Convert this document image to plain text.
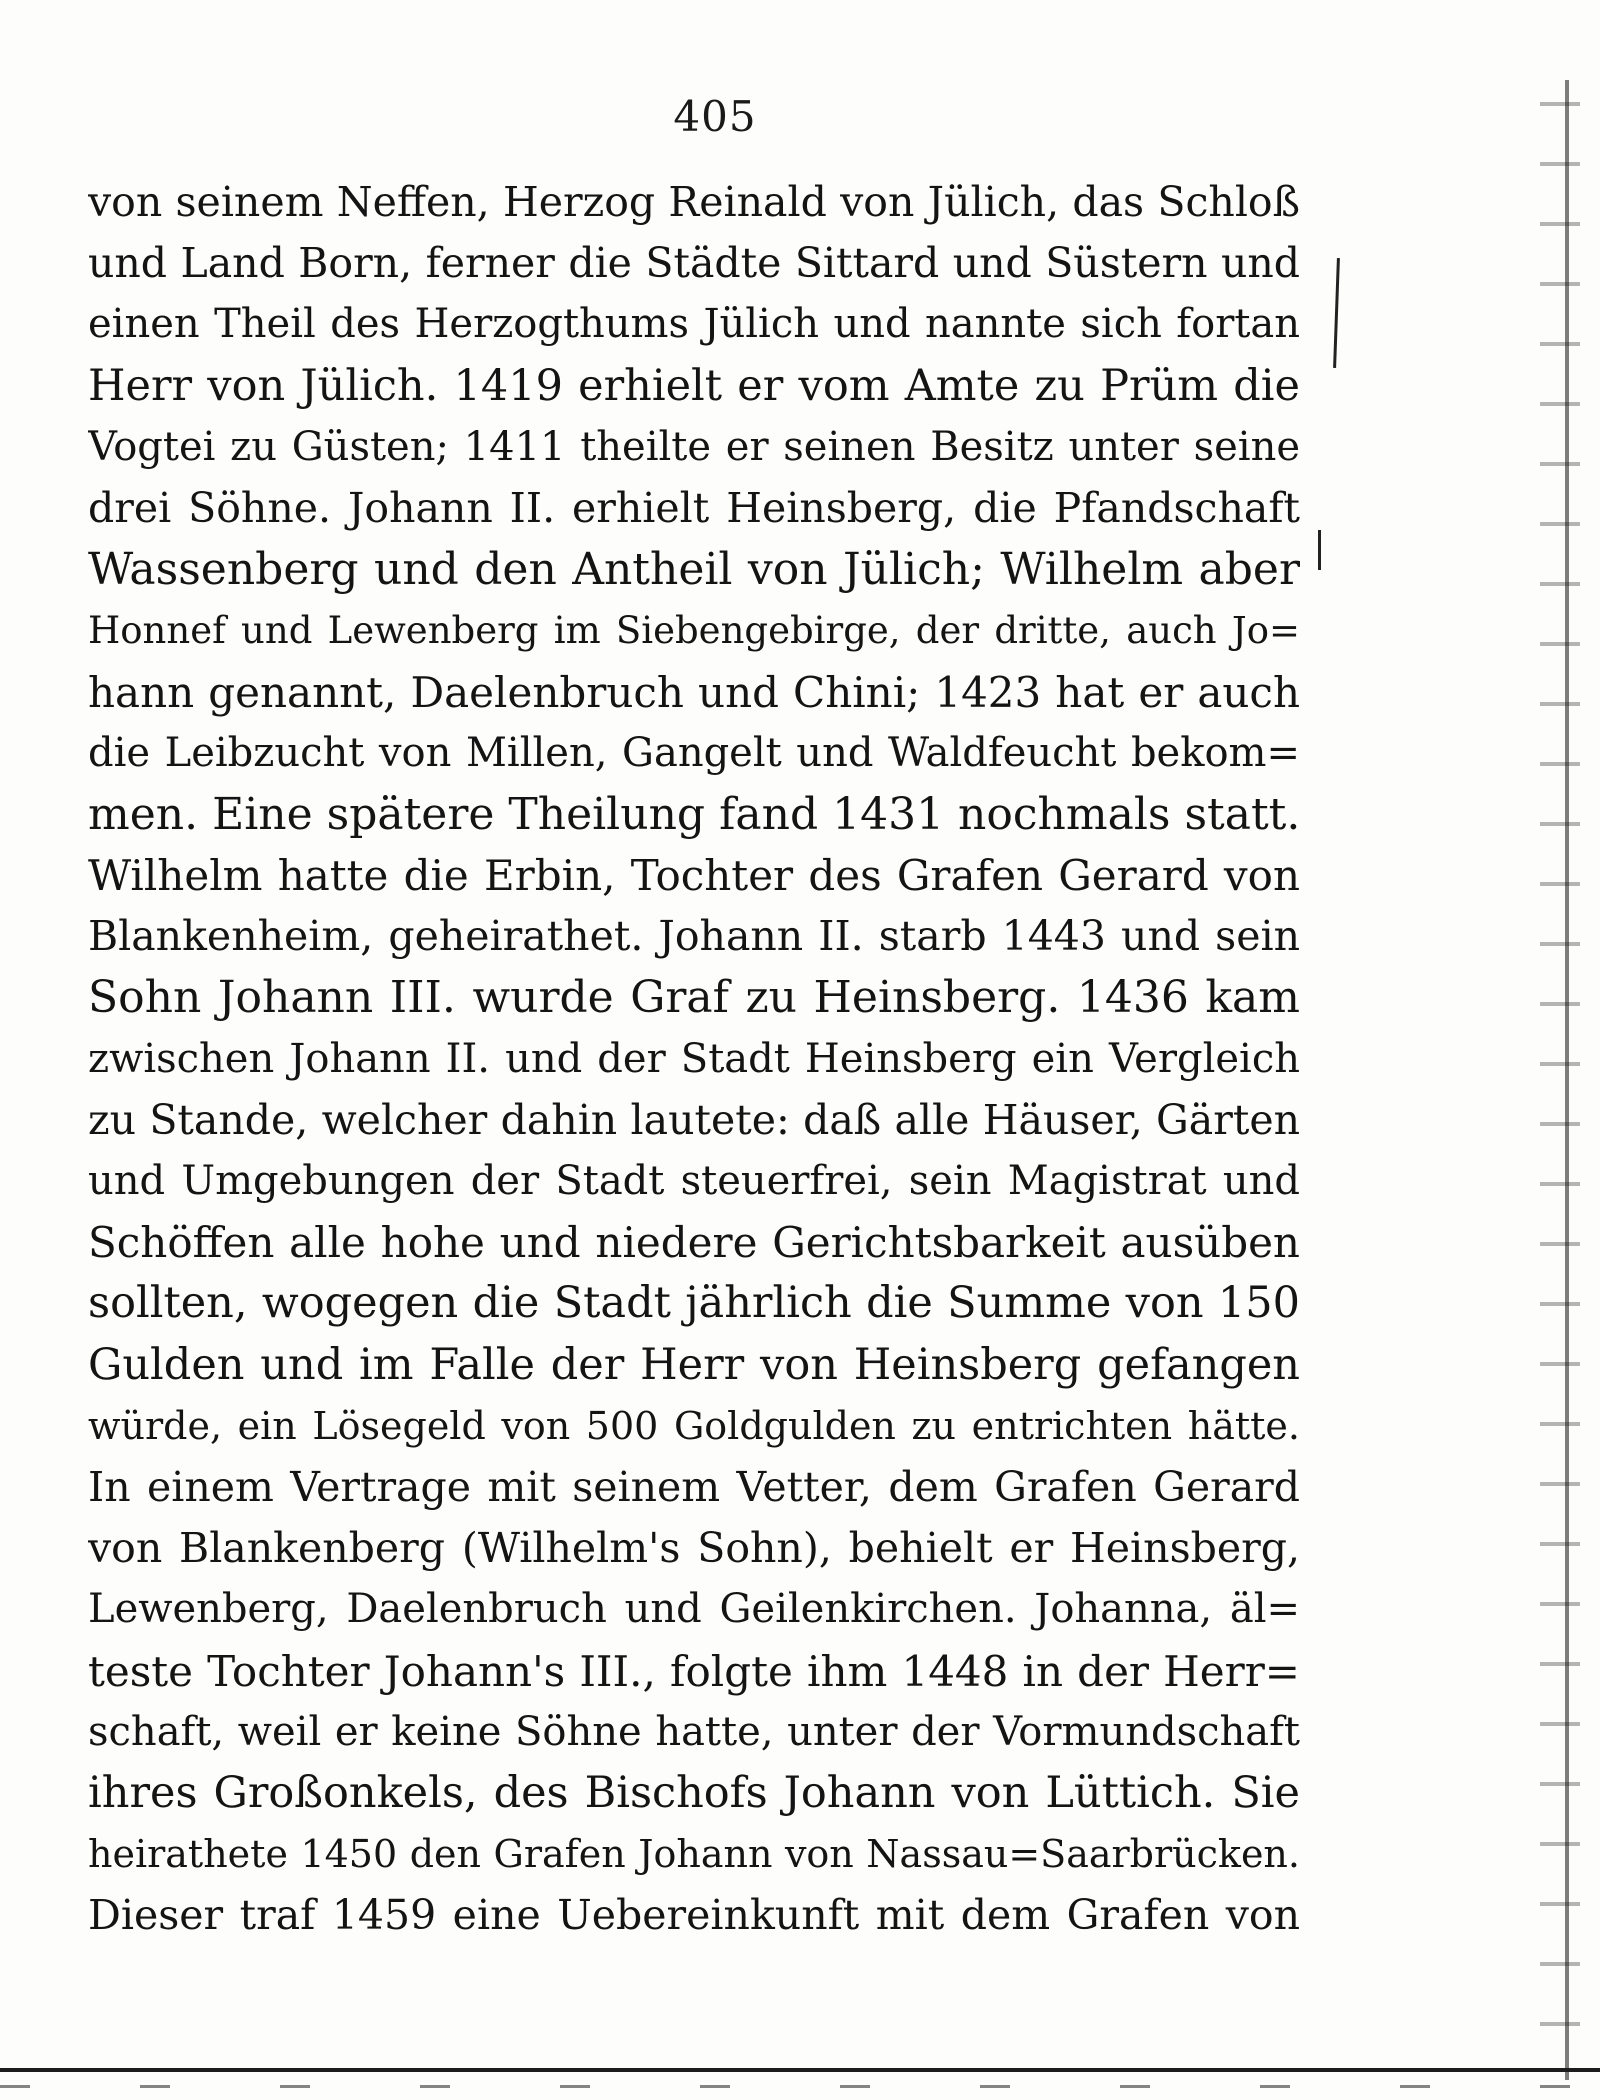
405
von seinem Neffen, Herzog Reinald von Jülich, das Schloß
und Land Born, ferner die Städte Sittard und Süstern und
einen Theil des Herzogthums Jülich und nannte sich fortan
Herr von Jülich. 1419 erhielt er vom Amte zu Prüm die
Vogtei zu Güsten; 1411 theilte er seinen Besitz unter seine
drei Söhne. Johann II. erhielt Heinsberg, die Pfandschaft
Wassenberg und den Antheil von Jülich; Wilhelm aber
Honnef und Lewenberg im Siebengebirge, der dritte, auch Jo=
hann genannt, Daelenbruch und Chini; 1423 hat er auch
die Leibzucht von Millen, Gangelt und Waldfeucht bekom=
men. Eine spätere Theilung fand 1431 nochmals statt.
Wilhelm hatte die Erbin, Tochter des Grafen Gerard von
Blankenheim, geheirathet. Johann II. starb 1443 und sein
Sohn Johann III. wurde Graf zu Heinsberg. 1436 kam
zwischen Johann II. und der Stadt Heinsberg ein Vergleich
zu Stande, welcher dahin lautete: daß alle Häuser, Gärten
und Umgebungen der Stadt steuerfrei, sein Magistrat und
Schöffen alle hohe und niedere Gerichtsbarkeit ausüben
sollten, wogegen die Stadt jährlich die Summe von 150
Gulden und im Falle der Herr von Heinsberg gefangen
würde, ein Lösegeld von 500 Goldgulden zu entrichten hätte.
In einem Vertrage mit seinem Vetter, dem Grafen Gerard
von Blankenberg (Wilhelm's Sohn), behielt er Heinsberg,
Lewenberg, Daelenbruch und Geilenkirchen. Johanna, äl=
teste Tochter Johann's III., folgte ihm 1448 in der Herr=
schaft, weil er keine Söhne hatte, unter der Vormundschaft
ihres Großonkels, des Bischofs Johann von Lüttich. Sie
heirathete 1450 den Grafen Johann von Nassau=Saarbrücken.
Dieser traf 1459 eine Uebereinkunft mit dem Grafen von
